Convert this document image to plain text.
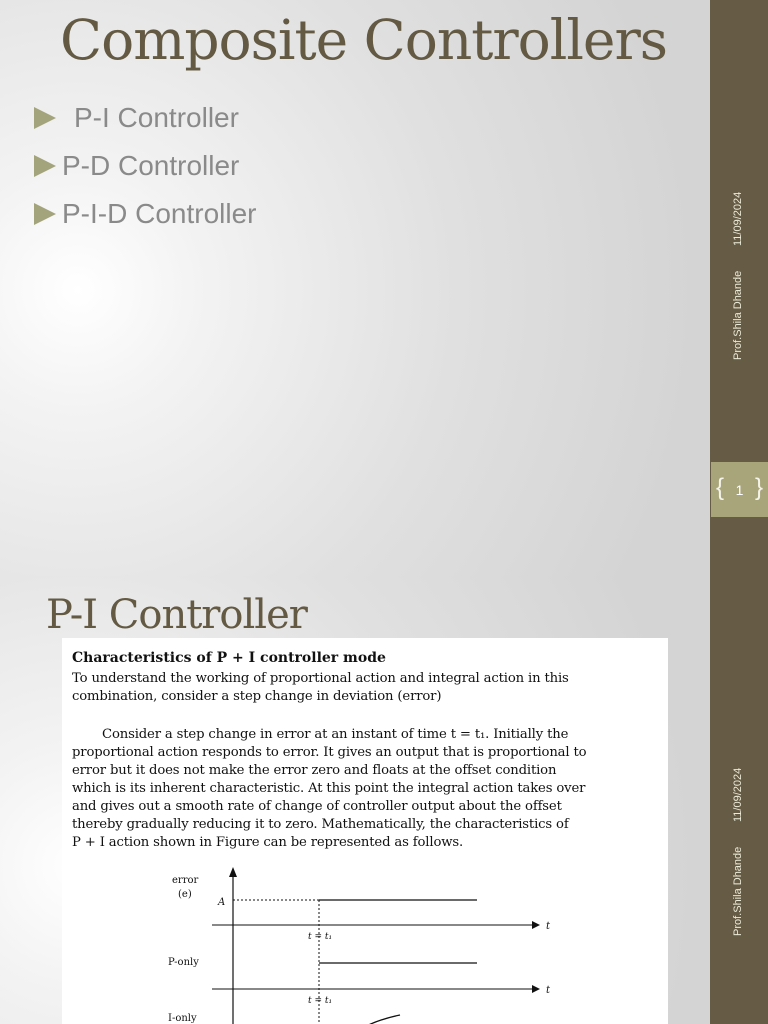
Composite Controllers
P-I Controller
P-D Controller
P-I-D Controller	11/09/2024
Prof.Shila Dhande
{ 1 }
P-I Controller
Characteristics of P + I controller mode
To understand the working of proportional action and integral action in this
combination, consider a step change in deviation (error)
Consider a step change in error at an instant of time t = t₁. Initially the
proportional action responds to error. It gives an output that is proportional to
error but it does not make the error zero and floats at the offset condition
which is its inherent characteristic. At this point the integral action takes over
and gives out a smooth rate of change of controller output about the offset
thereby gradually reducing it to zero. Mathematically, the characteristics of
P + I action shown in Figure can be represented as follows.
error
(e)
A
t
t = t₁
P-only
t
t = t₁
I-only
11/09/2024
Prof.Shila Dhande
